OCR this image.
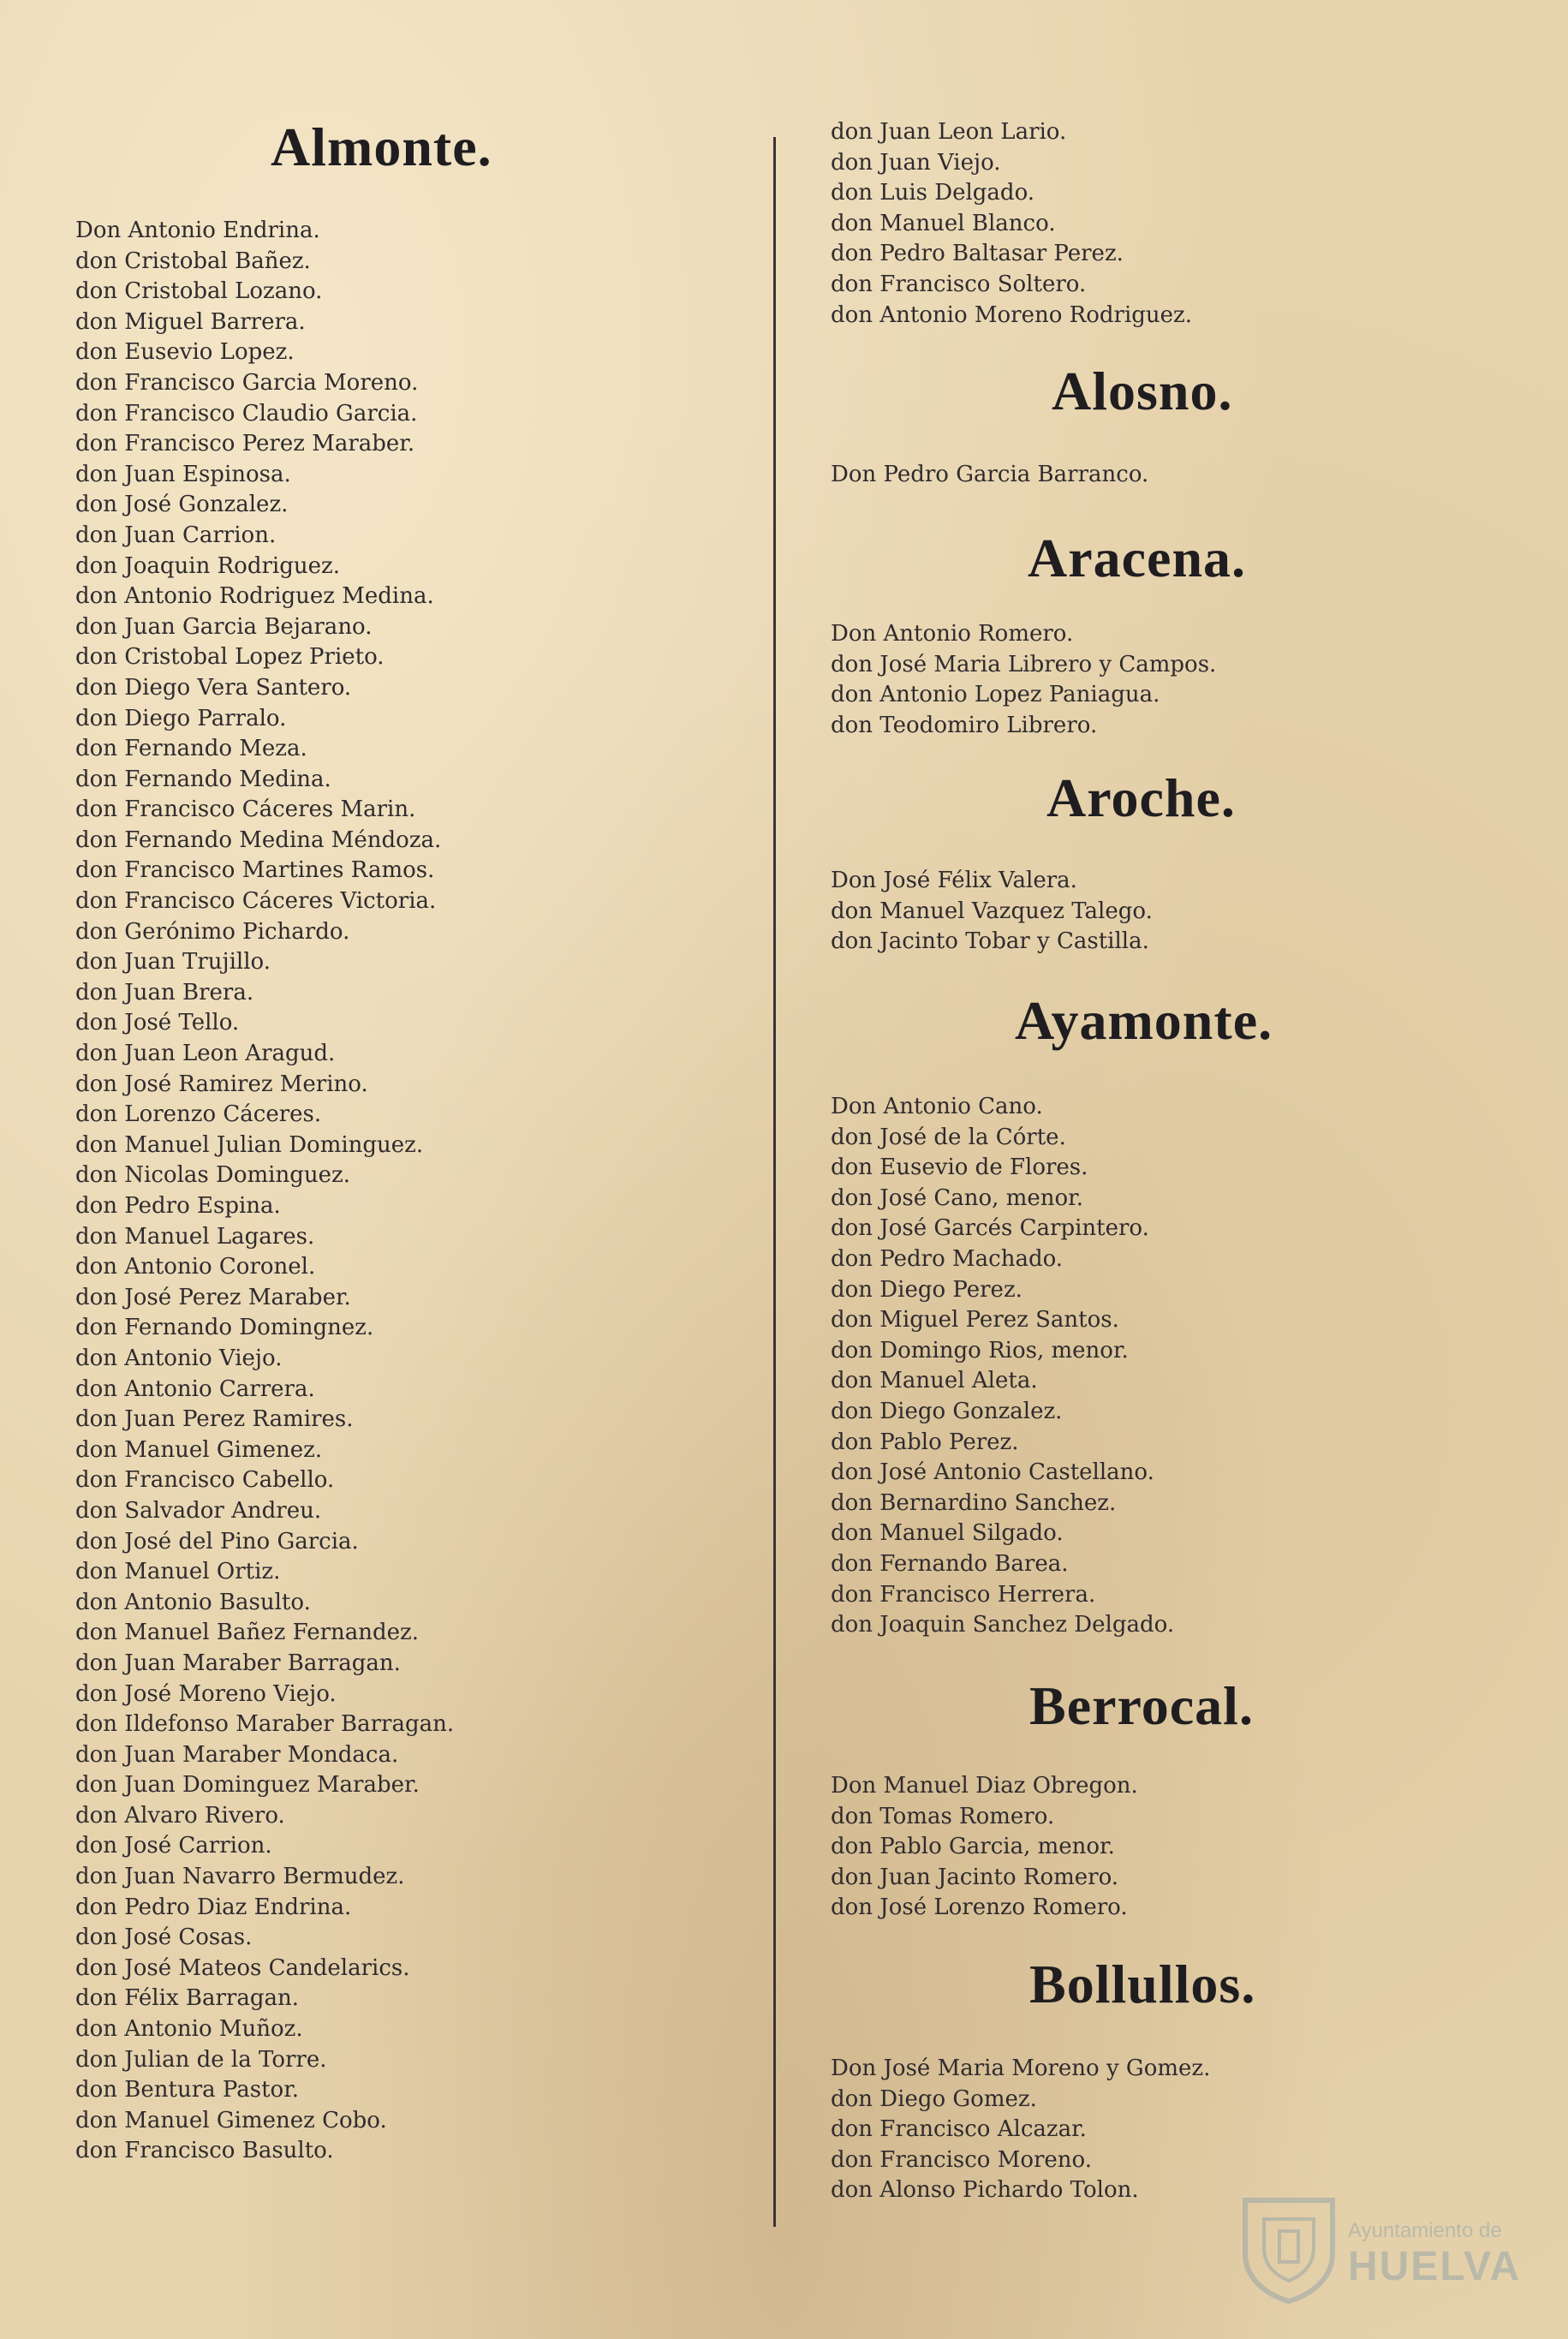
Almonte.
Don Antonio Endrina.
don Cristobal Bañez.
don Cristobal Lozano.
don Miguel Barrera.
don Eusevio Lopez.
don Francisco Garcia Moreno.
don Francisco Claudio Garcia.
don Francisco Perez Maraber.
don Juan Espinosa.
don José Gonzalez.
don Juan Carrion.
don Joaquin Rodriguez.
don Antonio Rodriguez Medina.
don Juan Garcia Bejarano.
don Cristobal Lopez Prieto.
don Diego Vera Santero.
don Diego Parralo.
don Fernando Meza.
don Fernando Medina.
don Francisco Cáceres Marin.
don Fernando Medina Méndoza.
don Francisco Martines Ramos.
don Francisco Cáceres Victoria.
don Gerónimo Pichardo.
don Juan Trujillo.
don Juan Brera.
don José Tello.
don Juan Leon Aragud.
don José Ramirez Merino.
don Lorenzo Cáceres.
don Manuel Julian Dominguez.
don Nicolas Dominguez.
don Pedro Espina.
don Manuel Lagares.
don Antonio Coronel.
don José Perez Maraber.
don Fernando Domingnez.
don Antonio Viejo.
don Antonio Carrera.
don Juan Perez Ramires.
don Manuel Gimenez.
don Francisco Cabello.
don Salvador Andreu.
don José del Pino Garcia.
don Manuel Ortiz.
don Antonio Basulto.
don Manuel Bañez Fernandez.
don Juan Maraber Barragan.
don José Moreno Viejo.
don Ildefonso Maraber Barragan.
don Juan Maraber Mondaca.
don Juan Dominguez Maraber.
don Alvaro Rivero.
don José Carrion.
don Juan Navarro Bermudez.
don Pedro Diaz Endrina.
don José Cosas.
don José Mateos Candelarics.
don Félix Barragan.
don Antonio Muñoz.
don Julian de la Torre.
don Bentura Pastor.
don Manuel Gimenez Cobo.
don Francisco Basulto.
don Juan Leon Lario.
don Juan Viejo.
don Luis Delgado.
don Manuel Blanco.
don Pedro Baltasar Perez.
don Francisco Soltero.
don Antonio Moreno Rodriguez.
Alosno.
Don Pedro Garcia Barranco.
Aracena.
Don Antonio Romero.
don José Maria Librero y Campos.
don Antonio Lopez Paniagua.
don Teodomiro Librero.
Aroche.
Don José Félix Valera.
don Manuel Vazquez Talego.
don Jacinto Tobar y Castilla.
Ayamonte.
Don Antonio Cano.
don José de la Córte.
don Eusevio de Flores.
don José Cano, menor.
don José Garcés Carpintero.
don Pedro Machado.
don Diego Perez.
don Miguel Perez Santos.
don Domingo Rios, menor.
don Manuel Aleta.
don Diego Gonzalez.
don Pablo Perez.
don José Antonio Castellano.
don Bernardino Sanchez.
don Manuel Silgado.
don Fernando Barea.
don Francisco Herrera.
don Joaquin Sanchez Delgado.
Berrocal.
Don Manuel Diaz Obregon.
don Tomas Romero.
don Pablo Garcia, menor.
don Juan Jacinto Romero.
don José Lorenzo Romero.
Bollullos.
Don José Maria Moreno y Gomez.
don Diego Gomez.
don Francisco Alcazar.
don Francisco Moreno.
don Alonso Pichardo Tolon.
Ayuntamiento de
HUELVA
